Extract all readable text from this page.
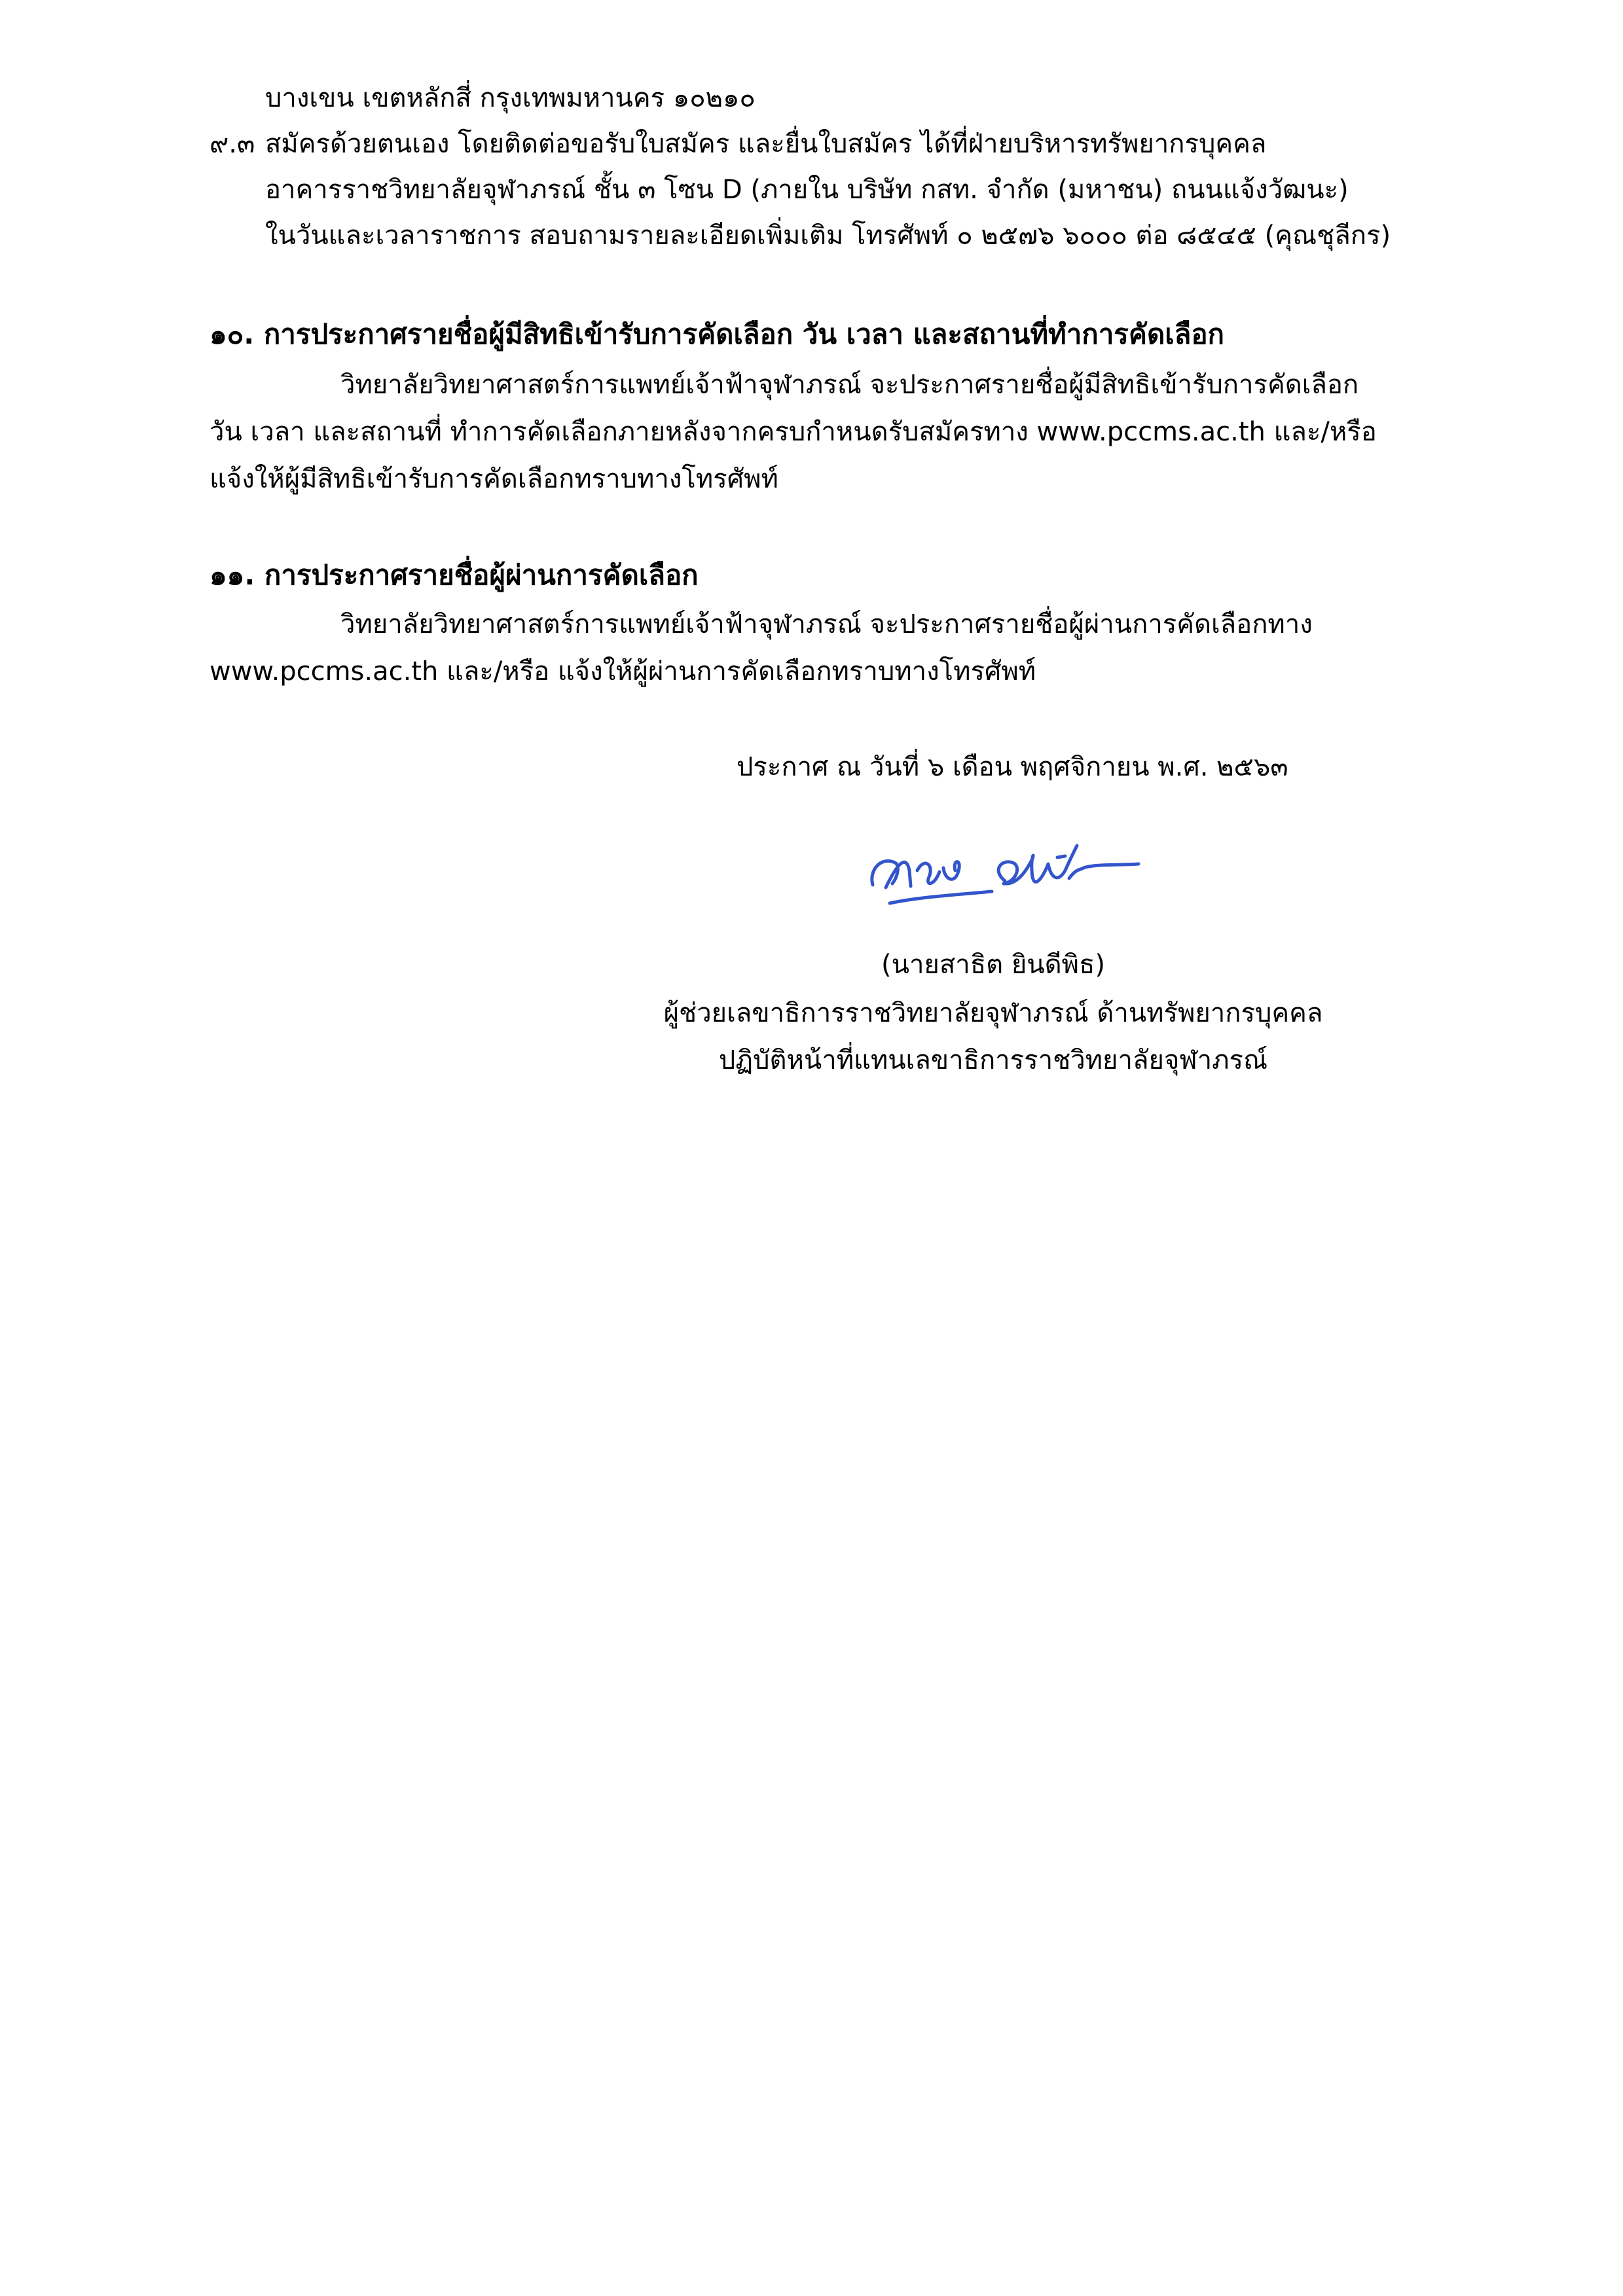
บางเขน เขตหลักสี่ กรุงเทพมหานคร ๑๐๒๑๐
๙.๓ สมัครด้วยตนเอง โดยติดต่อขอรับใบสมัคร และยื่นใบสมัคร ได้ที่ฝ่ายบริหารทรัพยากรบุคคล
อาคารราชวิทยาลัยจุฬาภรณ์ ชั้น ๓ โซน D (ภายใน บริษัท กสท. จำกัด (มหาชน) ถนนแจ้งวัฒนะ)
ในวันและเวลาราชการ สอบถามรายละเอียดเพิ่มเติม โทรศัพท์ ๐ ๒๕๗๖ ๖๐๐๐ ต่อ ๘๕๔๕ (คุณชุลีกร)
๑๐. การประกาศรายชื่อผู้มีสิทธิเข้ารับการคัดเลือก วัน เวลา และสถานที่ทำการคัดเลือก
วิทยาลัยวิทยาศาสตร์การแพทย์เจ้าฟ้าจุฬาภรณ์ จะประกาศรายชื่อผู้มีสิทธิเข้ารับการคัดเลือก
วัน เวลา และสถานที่ ทำการคัดเลือกภายหลังจากครบกำหนดรับสมัครทาง www.pccms.ac.th และ/หรือ
แจ้งให้ผู้มีสิทธิเข้ารับการคัดเลือกทราบทางโทรศัพท์
๑๑. การประกาศรายชื่อผู้ผ่านการคัดเลือก
วิทยาลัยวิทยาศาสตร์การแพทย์เจ้าฟ้าจุฬาภรณ์ จะประกาศรายชื่อผู้ผ่านการคัดเลือกทาง
www.pccms.ac.th และ/หรือ แจ้งให้ผู้ผ่านการคัดเลือกทราบทางโทรศัพท์
ประกาศ ณ วันที่ ๖ เดือน พฤศจิกายน พ.ศ. ๒๕๖๓
(นายสาธิต ยินดีพิธ)
ผู้ช่วยเลขาธิการราชวิทยาลัยจุฬาภรณ์ ด้านทรัพยากรบุคคล
ปฏิบัติหน้าที่แทนเลขาธิการราชวิทยาลัยจุฬาภรณ์
